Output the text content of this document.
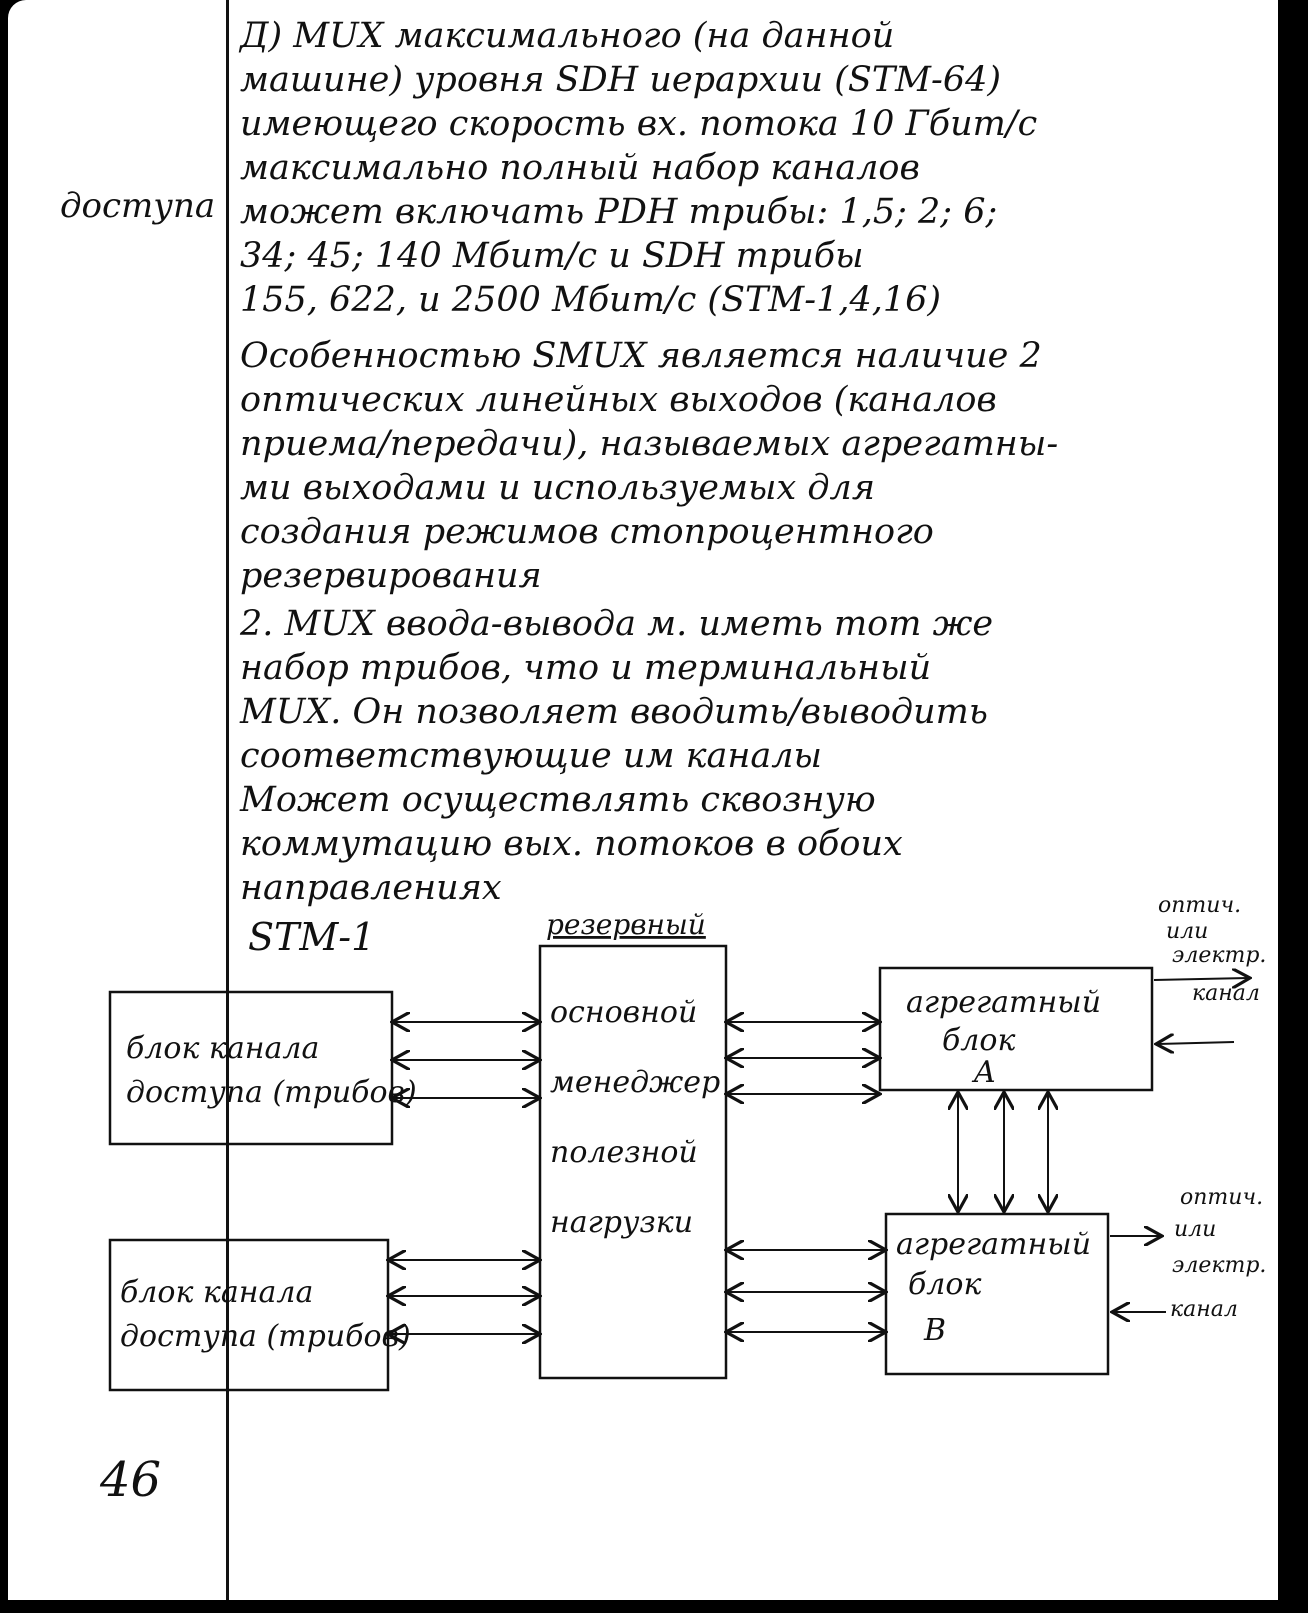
доступа
Д) MUX максимального (на данной
машине) уровня SDH иерархии (STM-64)
имеющего скорость вх. потока 10 Гбит/с
максимально полный набор каналов
может включать PDH трибы: 1,5; 2; 6;
34; 45; 140 Мбит/с и SDH трибы
155, 622, и 2500 Мбит/с (STM-1,4,16)
Особенностью SMUX является наличие 2
оптических линейных выходов (каналов
приема/передачи), называемых агрегатны-
ми выходами и используемых для
создания режимов стопроцентного
резервирования
2. MUX ввода-вывода м. иметь тот же
набор трибов, что и терминальный
MUX. Он позволяет вводить/выводить
соответствующие им каналы
Может осуществлять сквозную
коммутацию вых. потоков в обоих
направлениях
STM-1
блок канала
доступа (трибов)
блок канала
доступа (трибов)
резервный
основной
менеджер
полезной
нагрузки
агрегатный
блок
A
агрегатный
блок
B
оптич.
или
электр.
канал
оптич.
или
электр.
канал
46
